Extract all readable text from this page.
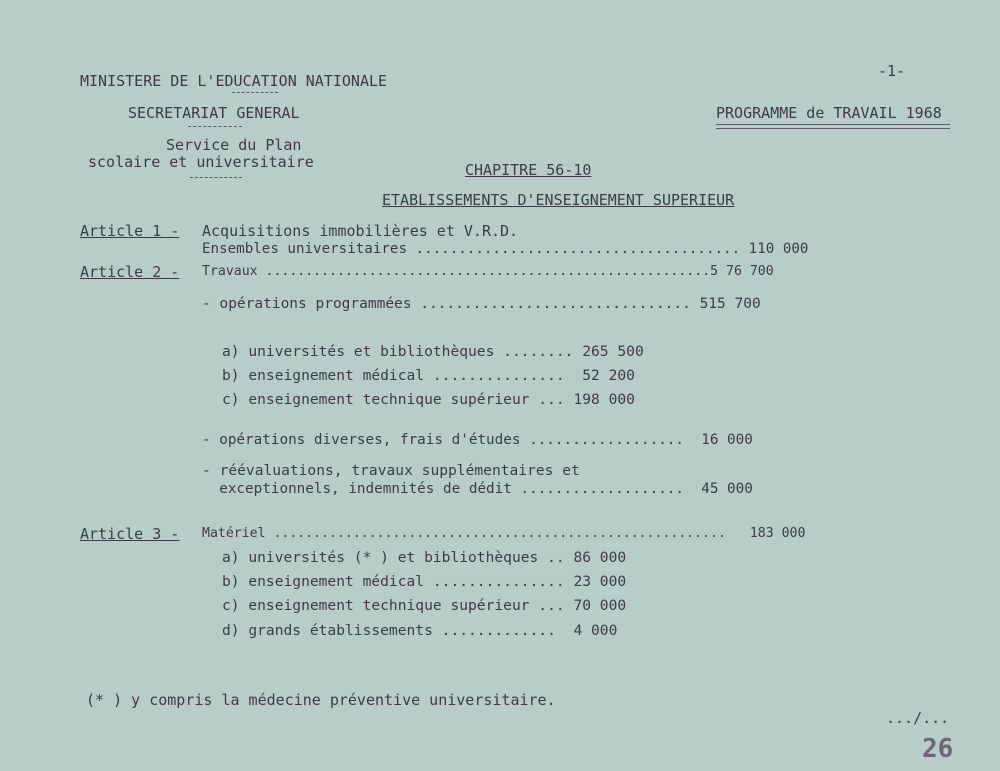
MINISTERE DE L'EDUCATION NATIONALE
SECRETARIAT GENERAL
Service du Plan
scolaire et universitaire
-1-
PROGRAMME de TRAVAIL 1968
CHAPITRE 56-10
ETABLISSEMENTS D'ENSEIGNEMENT SUPERIEUR
Article 1 - Acquisitions immobilières et V.R.D.
Ensembles universitaires ...................................... 110 000
Article 2 - Travaux ........................................................5 76 700
- opérations programmées ............................... 515 700
a) universités et bibliothèques ........ 265 500
b) enseignement médical ...............  52 200
c) enseignement technique supérieur ... 198 000
- opérations diverses, frais d'études ..................  16 000
- réévaluations, travaux supplémentaires et
exceptionnels, indemnités de dédit ...................  45 000
Article 3 - Matériel .........................................................   183 000
a) universités (* ) et bibliothèques .. 86 000
b) enseignement médical ............... 23 000
c) enseignement technique supérieur ... 70 000
d) grands établissements .............  4 000
(* ) y compris la médecine préventive universitaire.
.../...
26
